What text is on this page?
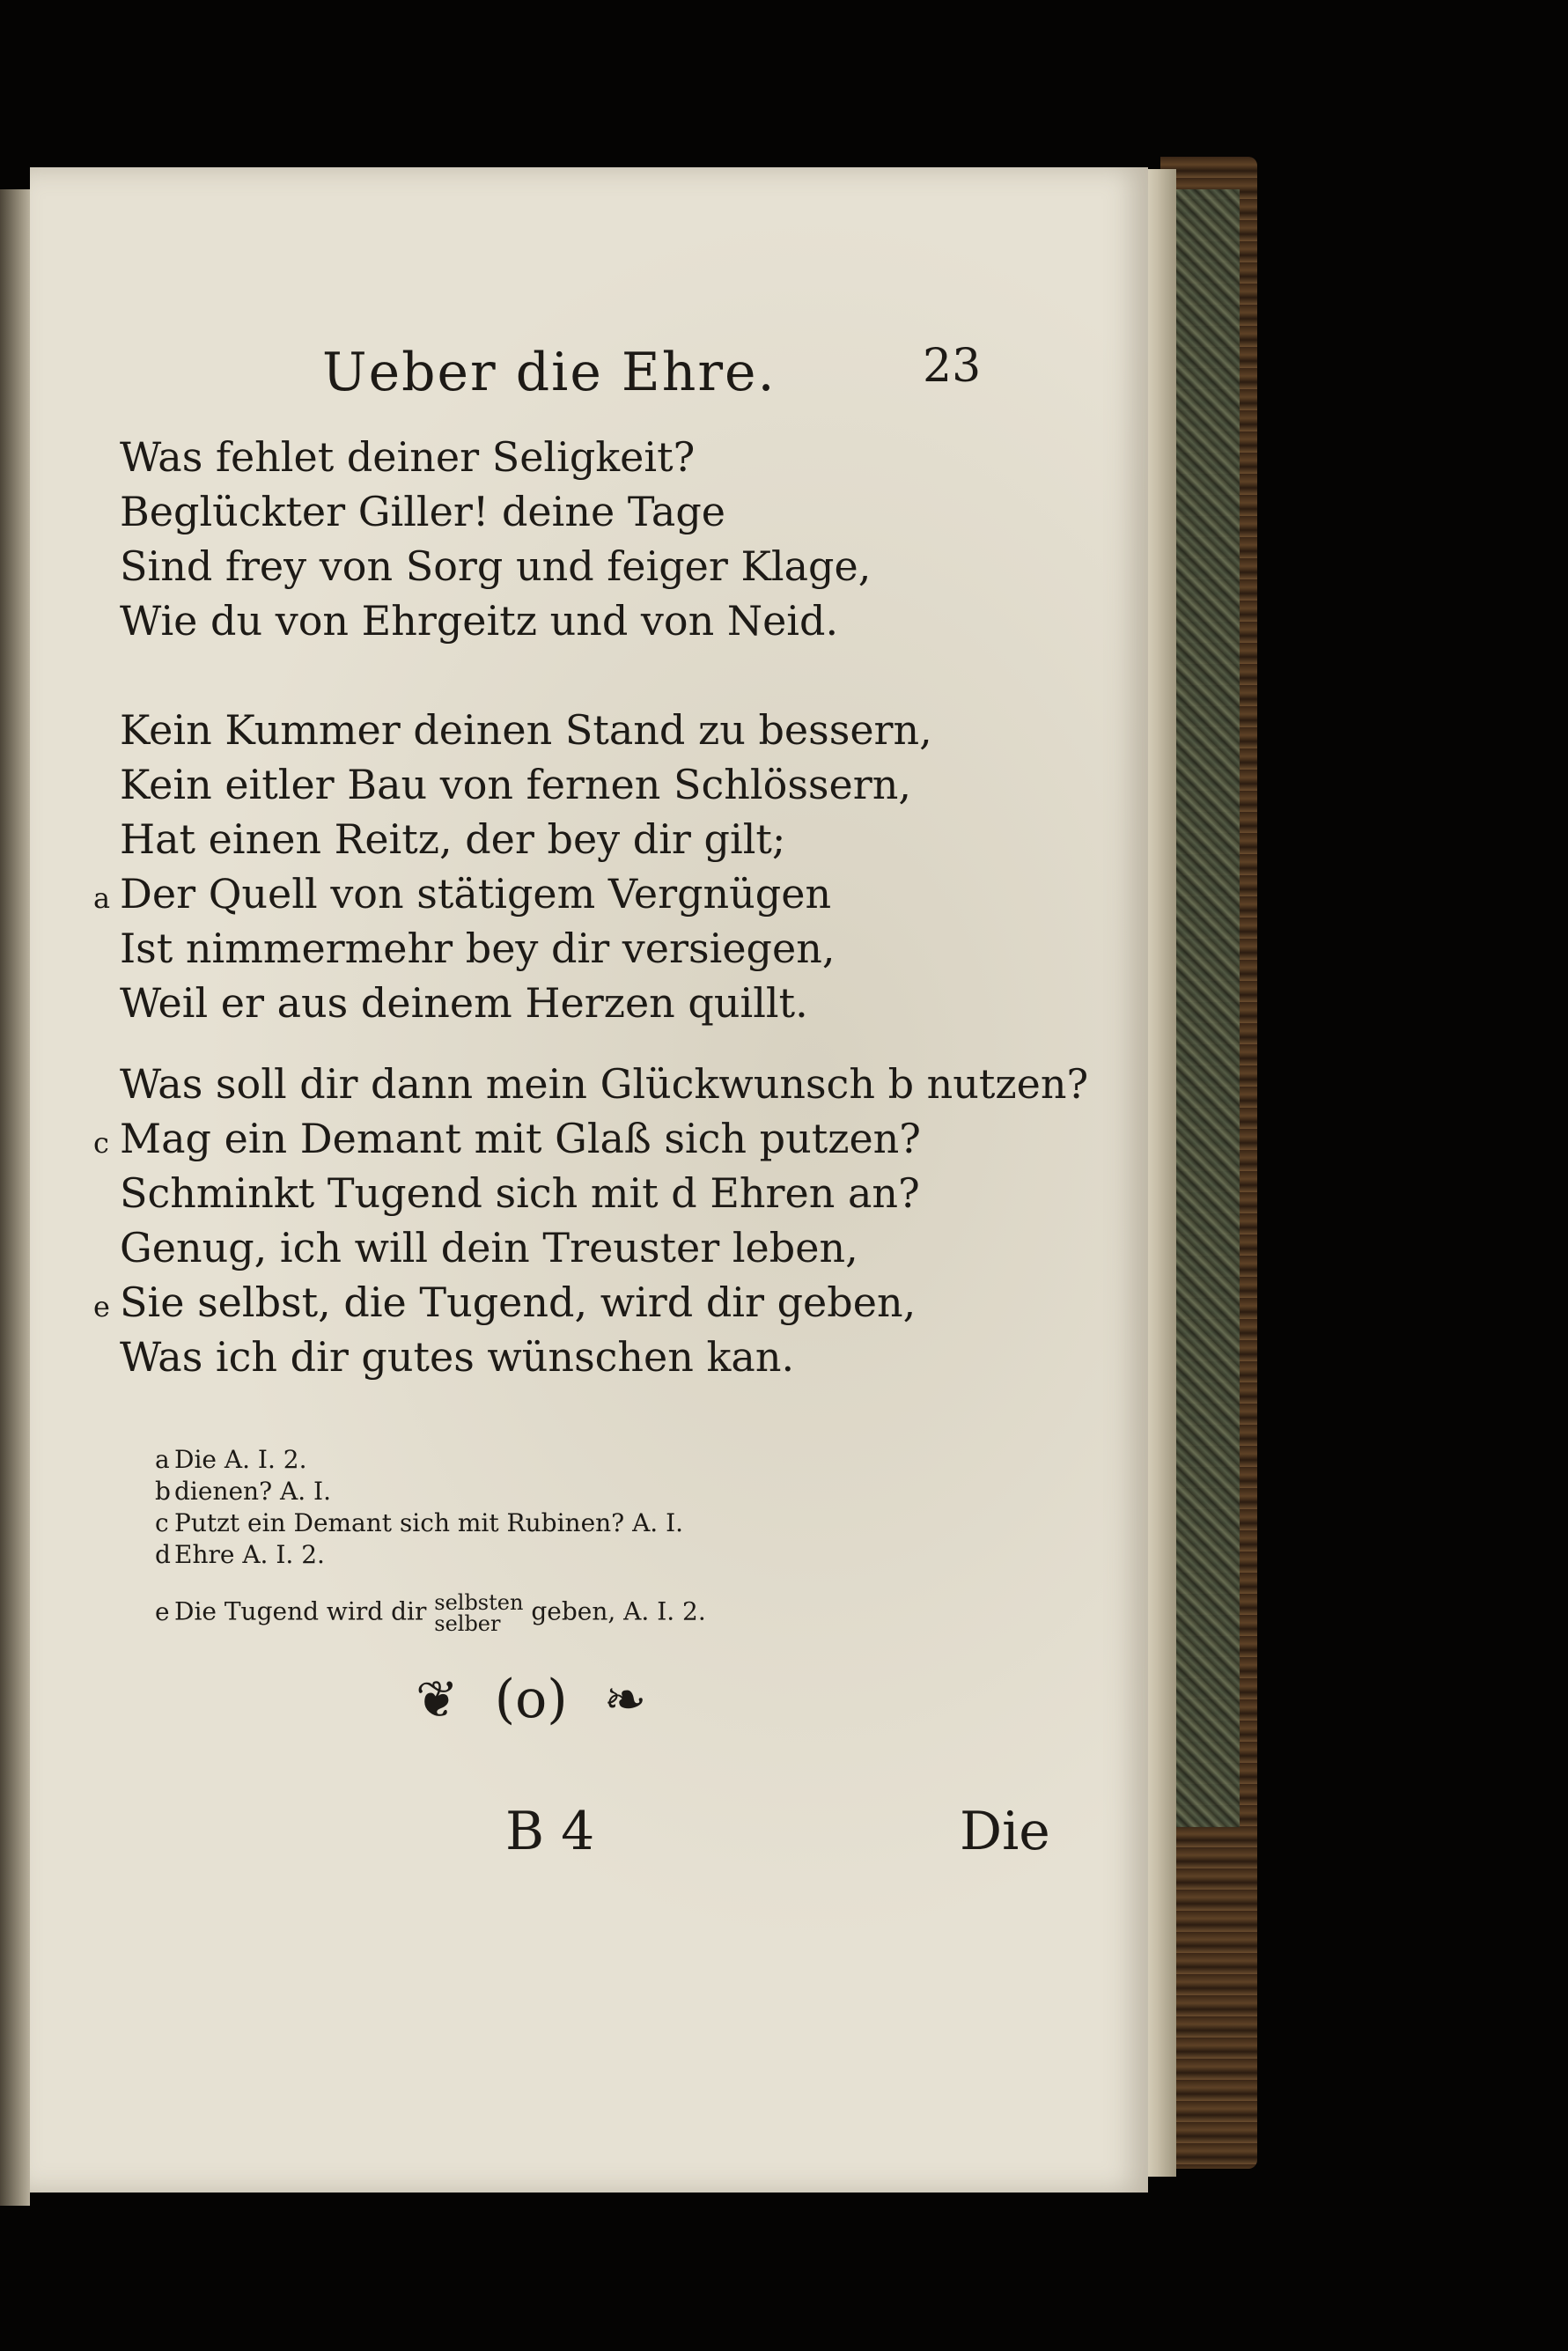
Ueber die Ehre.	23
Was fehlet deiner Seligkeit?
Beglückter Giller! deine Tage
Sind frey von Sorg und feiger Klage,
Wie du von Ehrgeitz und von Neid.
Kein Kummer deinen Stand zu bessern,
Kein eitler Bau von fernen Schlössern,
Hat einen Reitz, der bey dir gilt;
a Der Quell von stätigem Vergnügen
Ist nimmermehr bey dir versiegen,
Weil er aus deinem Herzen quillt.
Was soll dir dann mein Glückwunsch b nutzen?
c Mag ein Demant mit Glaß sich putzen?
Schminkt Tugend sich mit d Ehren an?
Genug, ich will dein Treuster leben,
e Sie selbst, die Tugend, wird dir geben,
Was ich dir gutes wünschen kan.
a Die A. I. 2.
b dienen? A. I.
c Putzt ein Demant sich mit Rubinen? A. I.
d Ehre A. I. 2.
e Die Tugend wird dir selbsten
selber	geben, A. I. 2.
❦ (o) ❧
B 4	Die
